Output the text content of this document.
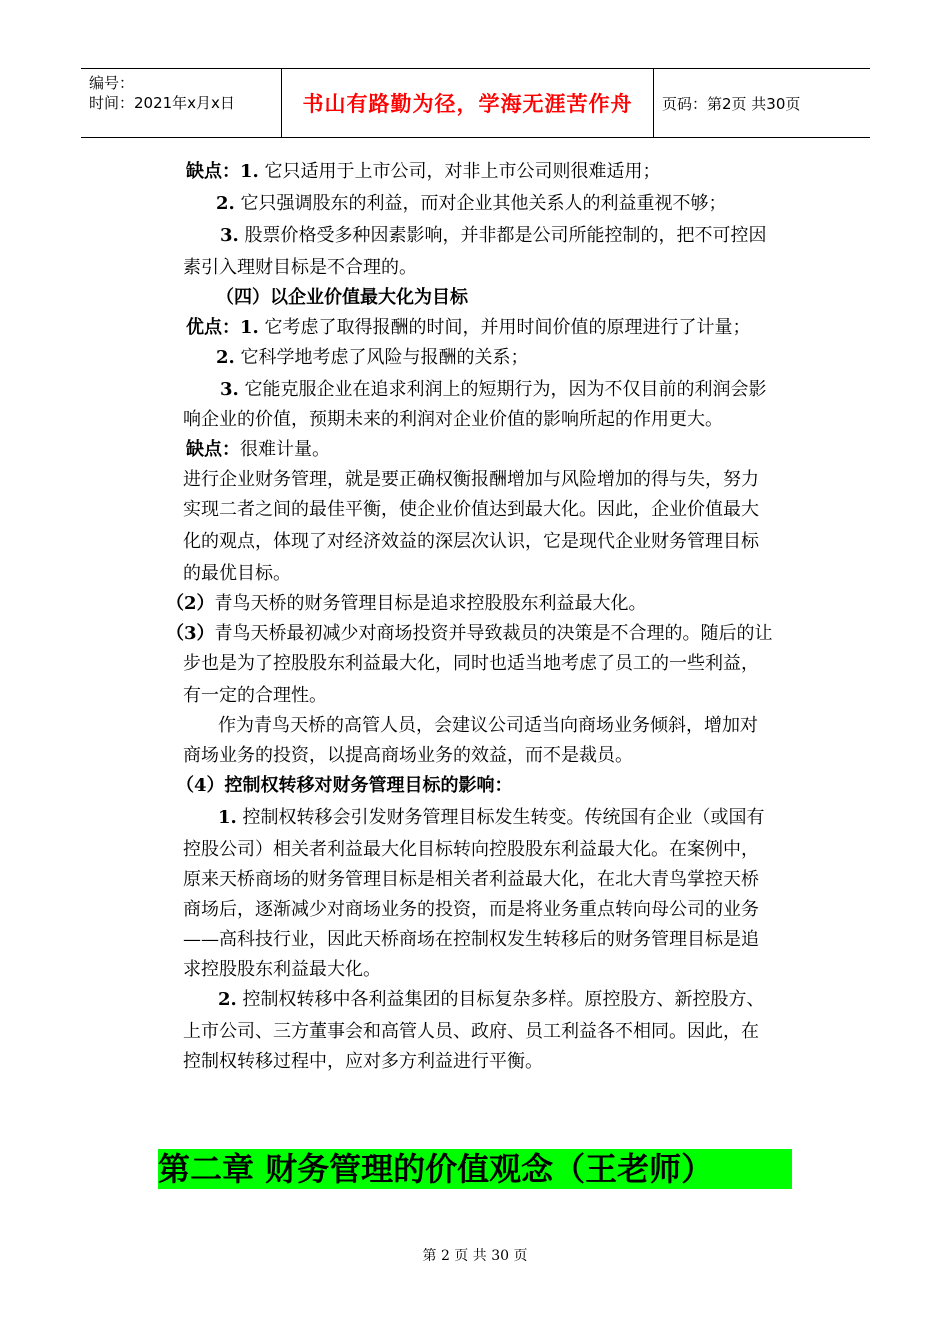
编号：
时间：2021年x月x日	书山有路勤为径，学海无涯苦作舟 页码：第2页 共30页
缺点：1. 它只适用于上市公司，对非上市公司则很难适用；
2. 它只强调股东的利益，而对企业其他关系人的利益重视不够；
3. 股票价格受多种因素影响，并非都是公司所能控制的，把不可控因
素引入理财目标是不合理的。
（四）以企业价值最大化为目标
优点：1. 它考虑了取得报酬的时间，并用时间价值的原理进行了计量；
2. 它科学地考虑了风险与报酬的关系；
3. 它能克服企业在追求利润上的短期行为，因为不仅目前的利润会影
响企业的价值，预期未来的利润对企业价值的影响所起的作用更大。
缺点：很难计量。
进行企业财务管理，就是要正确权衡报酬增加与风险增加的得与失，努力
实现二者之间的最佳平衡，使企业价值达到最大化。因此，企业价值最大
化的观点，体现了对经济效益的深层次认识，它是现代企业财务管理目标
的最优目标。
（2）青鸟天桥的财务管理目标是追求控股股东利益最大化。
（3）青鸟天桥最初减少对商场投资并导致裁员的决策是不合理的。随后的让
步也是为了控股股东利益最大化，同时也适当地考虑了员工的一些利益，
有一定的合理性。
作为青鸟天桥的高管人员，会建议公司适当向商场业务倾斜，增加对
商场业务的投资，以提高商场业务的效益，而不是裁员。
（4）控制权转移对财务管理目标的影响：
1. 控制权转移会引发财务管理目标发生转变。传统国有企业（或国有
控股公司）相关者利益最大化目标转向控股股东利益最大化。在案例中，
原来天桥商场的财务管理目标是相关者利益最大化，在北大青鸟掌控天桥
商场后，逐渐减少对商场业务的投资，而是将业务重点转向母公司的业务
——高科技行业，因此天桥商场在控制权发生转移后的财务管理目标是追
求控股股东利益最大化。
2. 控制权转移中各利益集团的目标复杂多样。原控股方、新控股方、
上市公司、三方董事会和高管人员、政府、员工利益各不相同。因此，在
控制权转移过程中，应对多方利益进行平衡。
第二章 财务管理的价值观念（王老师）
第 2 页 共 30 页
